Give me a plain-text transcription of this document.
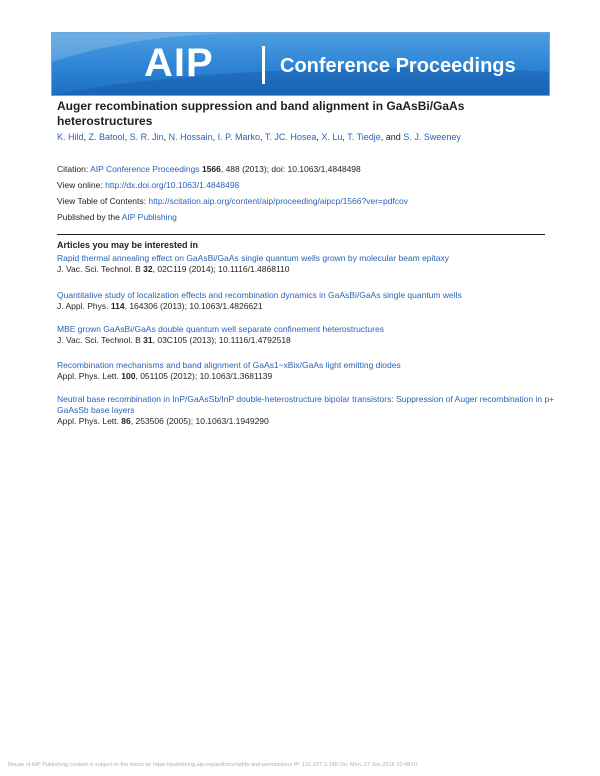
AIP	Conference Proceedings
Auger recombination suppression and band alignment in GaAsBi/GaAs heterostructures
K. Hild, Z. Batool, S. R. Jin, N. Hossain, I. P. Marko, T. JC. Hosea, X. Lu, T. Tiedje, and S. J. Sweeney
Citation: AIP Conference Proceedings 1566, 488 (2013); doi: 10.1063/1.4848498
View online: http://dx.doi.org/10.1063/1.4848498
View Table of Contents: http://scitation.aip.org/content/aip/proceeding/aipcp/1566?ver=pdfcov
Published by the AIP Publishing
Articles you may be interested in
Rapid thermal annealing effect on GaAsBi/GaAs single quantum wells grown by molecular beam epitaxy
J. Vac. Sci. Technol. B 32, 02C119 (2014); 10.1116/1.4868110
Quantitative study of localization effects and recombination dynamics in GaAsBi/GaAs single quantum wells
J. Appl. Phys. 114, 164306 (2013); 10.1063/1.4826621
MBE grown GaAsBi/GaAs double quantum well separate confinement heterostructures
J. Vac. Sci. Technol. B 31, 03C105 (2013); 10.1116/1.4792518
Recombination mechanisms and band alignment of GaAs1−xBix/GaAs light emitting diodes
Appl. Phys. Lett. 100, 051105 (2012); 10.1063/1.3681139
Neutral base recombination in InP/GaAsSb/InP double-heterostructure bipolar transistors: Suppression of Auger recombination in p+ GaAsSb base layers
Appl. Phys. Lett. 86, 253506 (2005); 10.1063/1.1949290
Reuse of AIP Publishing content is subject to the terms at: https://publishing.aip.org/authors/rights-and-permissions IP: 131.227.3.145 On: Mon, 27 Jun 2016 10:49:07
